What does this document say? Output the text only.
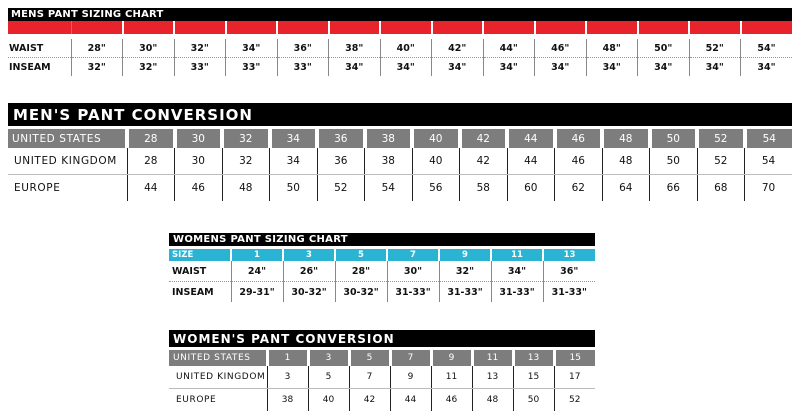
MENS PANT SIZING CHART

WAIST	28"	30"	32"	34"	36"	38"	40"	42"	44"	46"	48"	50"	52"	54"
INSEAM	32"	32"	33"	33"	33"	34"	34"	34"	34"	34"	34"	34"	34"	34"
MEN'S PANT CONVERSION

UNITED STATES	28	30	32	34	36	38	40	42	44	46	48	50	52	54
UNITED KINGDOM	28	30	32	34	36	38	40	42	44	46	48	50	52	54
EUROPE	44	46	48	50	52	54	56	58	60	62	64	66	68	70
WOMENS PANT SIZING CHART

SIZE	1	3	5	7	9	11	13
WAIST	24"	26"	28"	30"	32"	34"	36"
INSEAM	29-31"	30-32"	30-32"	31-33"	31-33"	31-33"	31-33"
WOMEN'S PANT CONVERSION

UNITED STATES	1	3	5	7	9	11	13	15
UNITED KINGDOM	3	5	7	9	11	13	15	17
EUROPE	38	40	42	44	46	48	50	52
